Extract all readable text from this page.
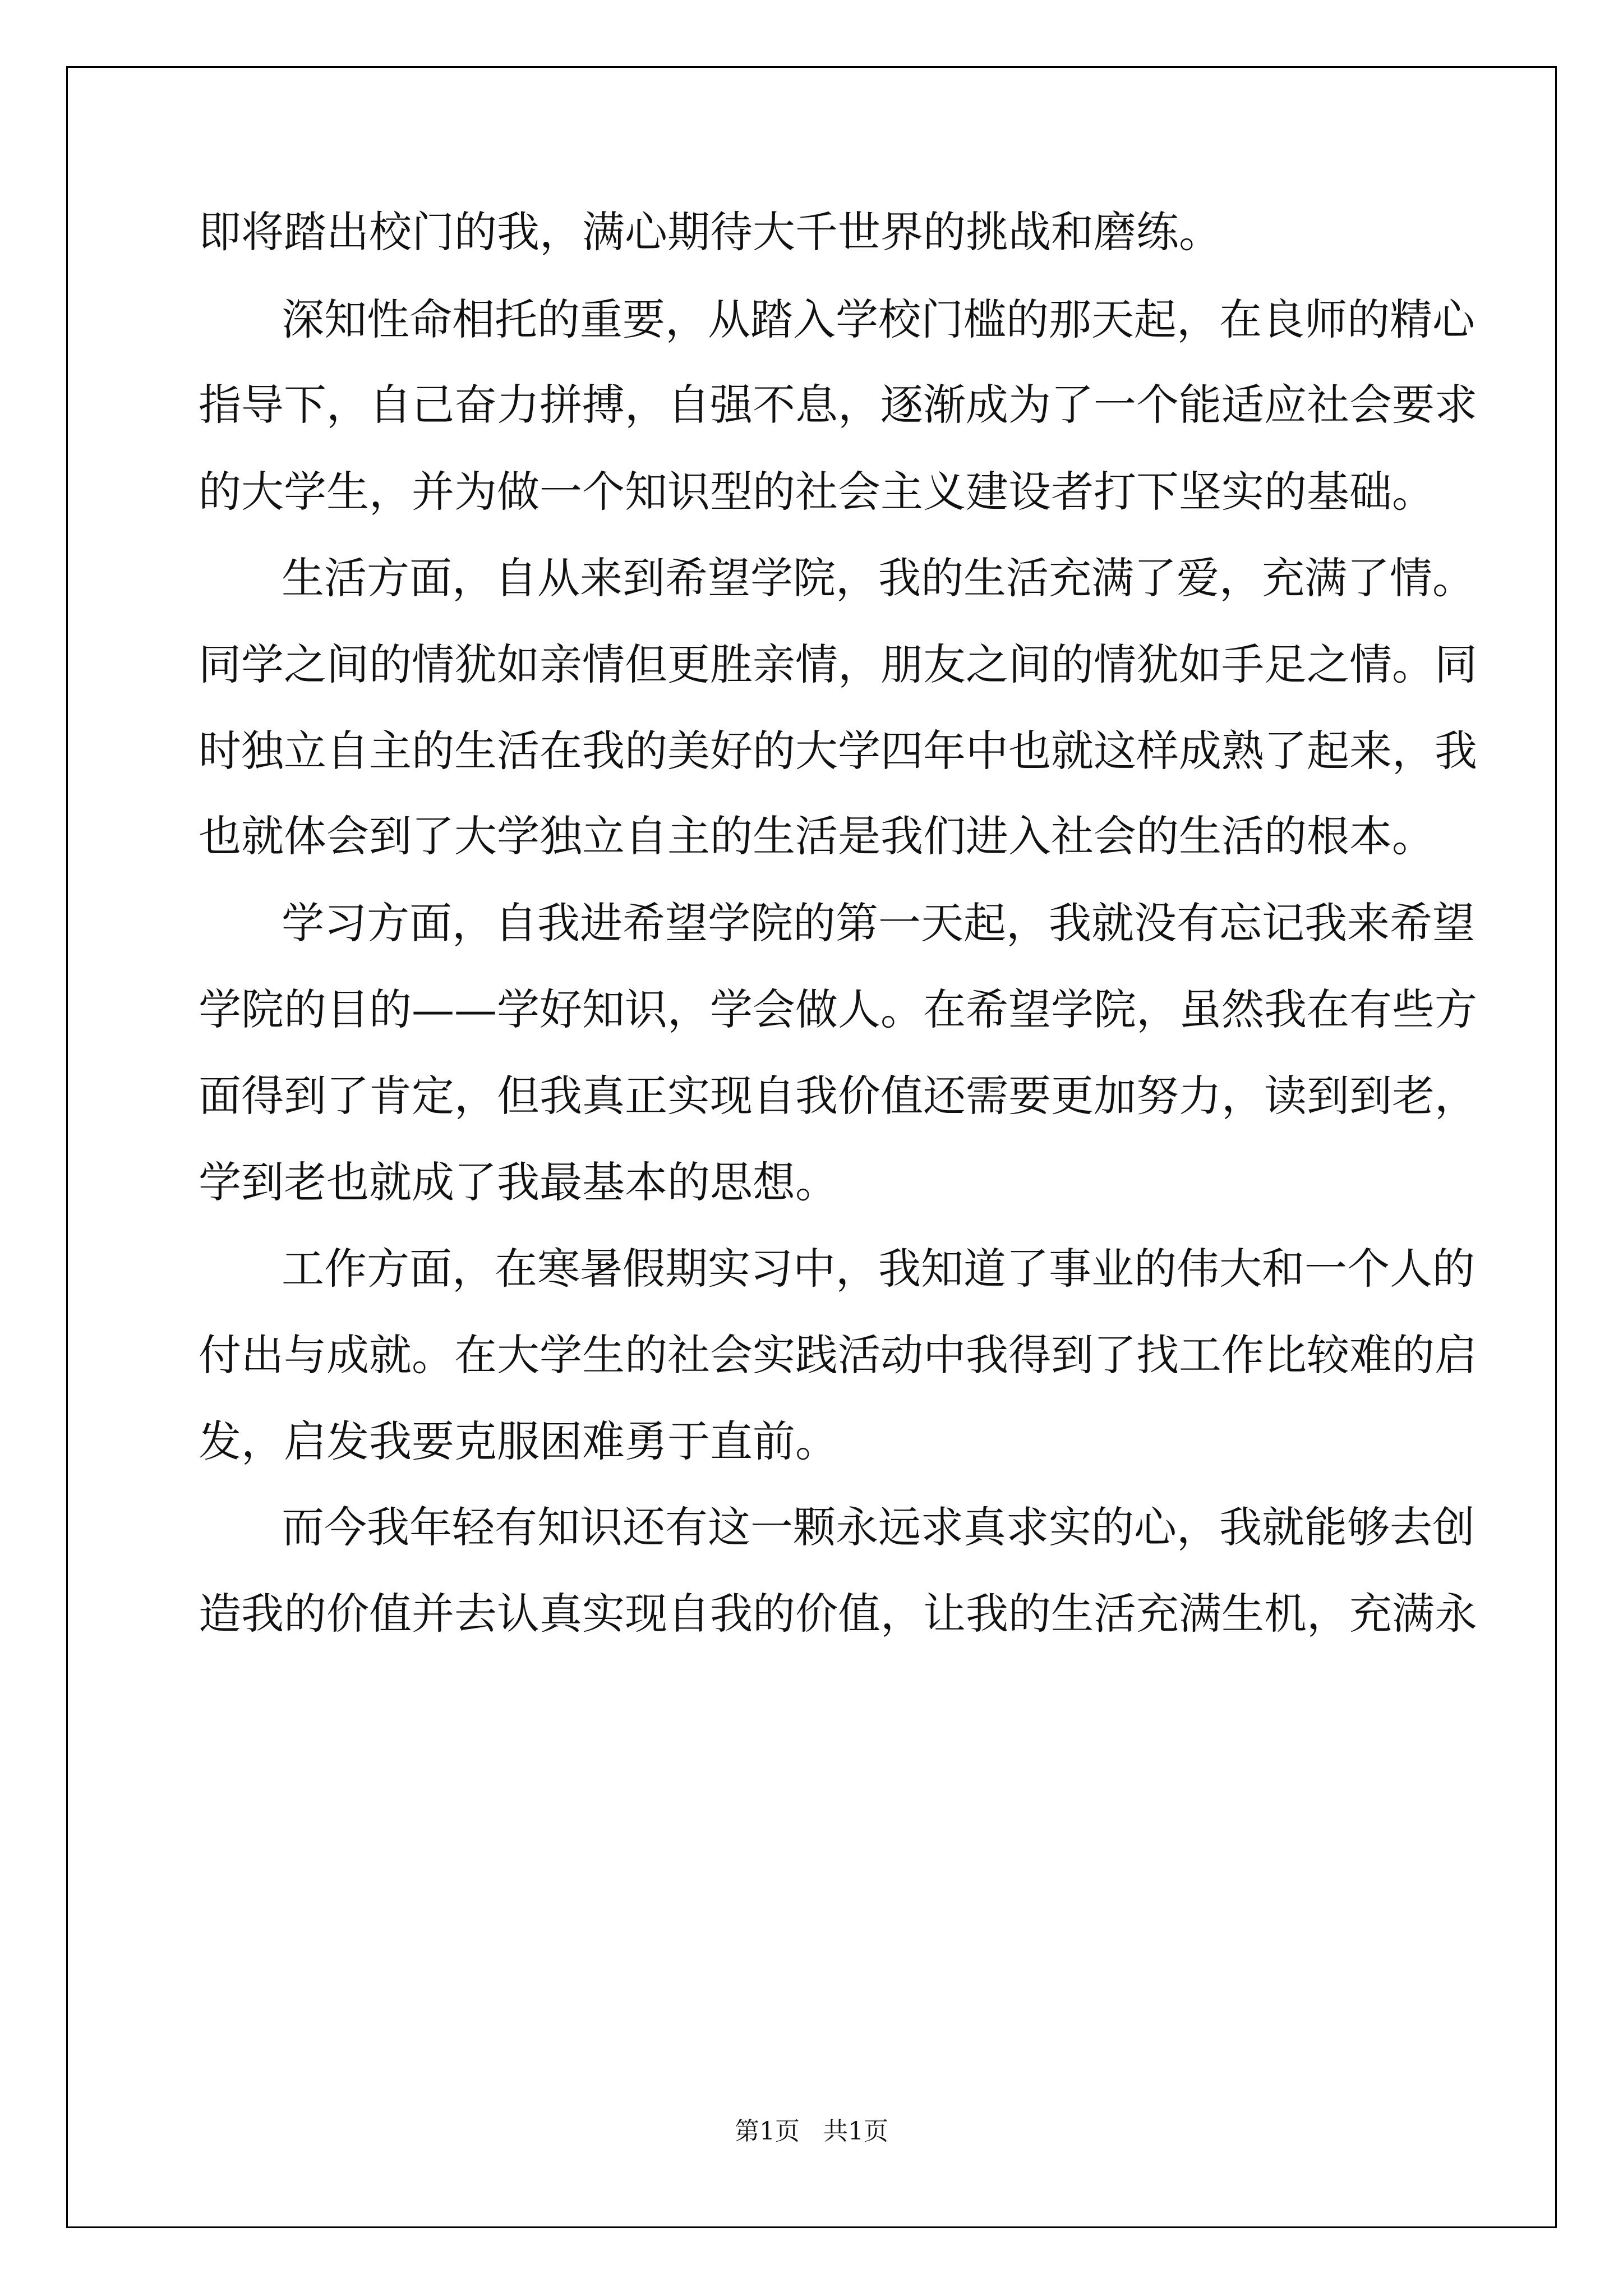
即将踏出校门的我，满心期待大千世界的挑战和磨练。
深知性命相托的重要，从踏入学校门槛的那天起，在良师的精心
指导下，自己奋力拼搏，自强不息，逐渐成为了一个能适应社会要求
的大学生，并为做一个知识型的社会主义建设者打下坚实的基础。
生活方面，自从来到希望学院，我的生活充满了爱，充满了情。
同学之间的情犹如亲情但更胜亲情，朋友之间的情犹如手足之情。同
时独立自主的生活在我的美好的大学四年中也就这样成熟了起来，我
也就体会到了大学独立自主的生活是我们进入社会的生活的根本。
学习方面，自我进希望学院的第一天起，我就没有忘记我来希望
学院的目的——学好知识，学会做人。在希望学院，虽然我在有些方
面得到了肯定，但我真正实现自我价值还需要更加努力，读到到老，
学到老也就成了我最基本的思想。
工作方面，在寒暑假期实习中，我知道了事业的伟大和一个人的
付出与成就。在大学生的社会实践活动中我得到了找工作比较难的启
发，启发我要克服困难勇于直前。
而今我年轻有知识还有这一颗永远求真求实的心，我就能够去创
造我的价值并去认真实现自我的价值，让我的生活充满生机，充满永
第1页 共1页
